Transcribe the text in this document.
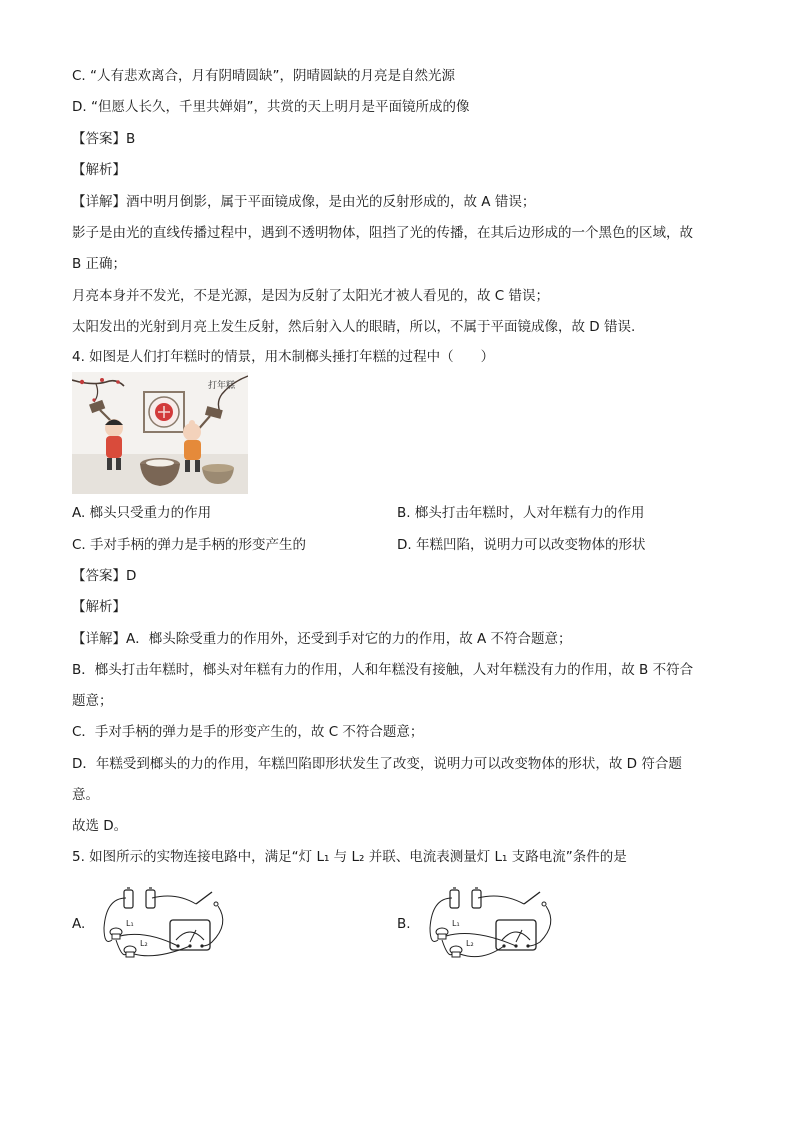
C. “人有悲欢离合，月有阴晴圆缺”，阴晴圆缺的月亮是自然光源
D. “但愿人长久，千里共婵娟”，共赏的天上明月是平面镜所成的像
【答案】B
【解析】
【详解】酒中明月倒影，属于平面镜成像，是由光的反射形成的，故 A 错误；
影子是由光的直线传播过程中，遇到不透明物体，阻挡了光的传播，在其后边形成的一个黑色的区域，故
B 正确；
月亮本身并不发光，不是光源，是因为反射了太阳光才被人看见的，故 C 错误；
太阳发出的光射到月亮上发生反射，然后射入人的眼睛，所以，不属于平面镜成像，故 D 错误.
4. 如图是人们打年糕时的情景，用木制榔头捶打年糕的过程中（　　）
打年糕
A. 榔头只受重力的作用	B. 榔头打击年糕时，人对年糕有力的作用
C. 手对手柄的弹力是手柄的形变产生的	D. 年糕凹陷，说明力可以改变物体的形状
【答案】D
【解析】
【详解】A．榔头除受重力的作用外，还受到手对它的力的作用，故 A 不符合题意；
B．榔头打击年糕时，榔头对年糕有力的作用，人和年糕没有接触，人对年糕没有力的作用，故 B 不符合
题意；
C．手对手柄的弹力是手的形变产生的，故 C 不符合题意；
D．年糕受到榔头的力的作用，年糕凹陷即形状发生了改变，说明力可以改变物体的形状，故 D 符合题
意。
故选 D。
5. 如图所示的实物连接电路中，满足“灯 L₁ 与 L₂ 并联、电流表测量灯 L₁ 支路电流”条件的是
A.	L₁
L₂
B.	L₁
L₂
